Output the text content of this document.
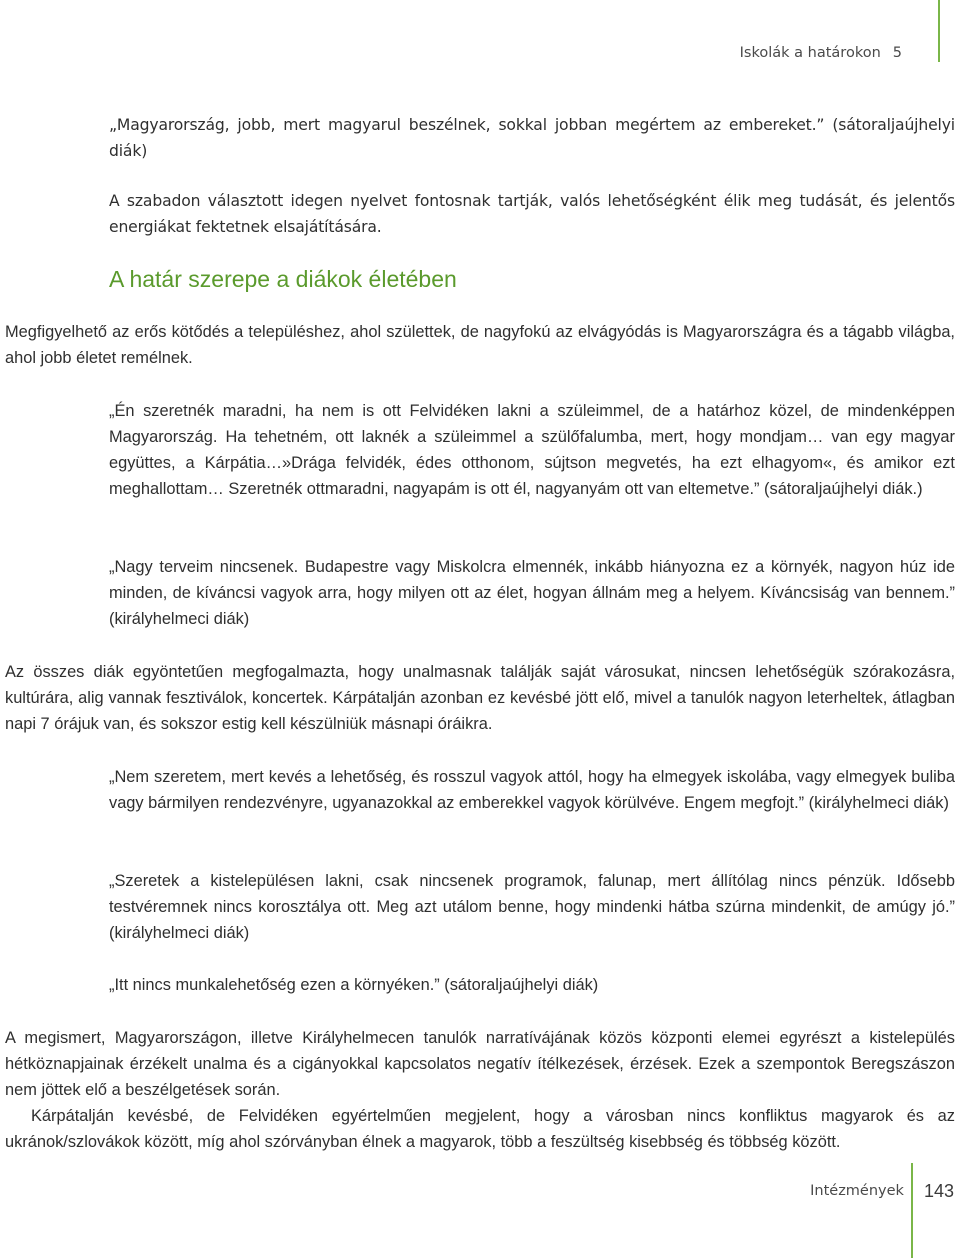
Iskolák a határokon 5

„Magyarország, jobb, mert magyarul beszélnek, sokkal jobban megértem az embereket.” (sátoraljaújhelyi diák)

A szabadon választott idegen nyelvet fontosnak tartják, valós lehetőségként élik meg tudását, és jelentős energiákat fektetnek elsajátítására.

A határ szerepe a diákok életében

Megfigyelhető az erős kötődés a településhez, ahol születtek, de nagyfokú az elvágyódás is Magyarországra és a tágabb világba, ahol jobb életet remélnek.

„Én szeretnék maradni, ha nem is ott Felvidéken lakni a szüleimmel, de a határhoz közel, de mindenképpen Magyarország. Ha tehetném, ott laknék a szüleimmel a szülőfalumba, mert, hogy mondjam… van egy magyar együttes, a Kárpátia…»Drága felvidék, édes otthonom, sújtson megvetés, ha ezt elhagyom«, és amikor ezt meghallottam… Szeretnék ottmaradni, nagyapám is ott él, nagyanyám ott van eltemetve.” (sátoraljaújhelyi diák.)

„Nagy terveim nincsenek. Budapestre vagy Miskolcra elmennék, inkább hiányozna ez a környék, nagyon húz ide minden, de kíváncsi vagyok arra, hogy milyen ott az élet, hogyan állnám meg a helyem. Kíváncsiság van bennem.” (királyhelmeci diák)

Az összes diák egyöntetűen megfogalmazta, hogy unalmasnak találják saját városukat, nincsen lehetőségük szórakozásra, kultúrára, alig vannak fesztiválok, koncertek. Kárpátalján azonban ez kevésbé jött elő, mivel a tanulók nagyon leterheltek, átlagban napi 7 órájuk van, és sokszor estig kell készülniük másnapi óráikra.

„Nem szeretem, mert kevés a lehetőség, és rosszul vagyok attól, hogy ha elmegyek iskolába, vagy elmegyek buliba vagy bármilyen rendezvényre, ugyanazokkal az emberekkel vagyok körülvéve. Engem megfojt.” (királyhelmeci diák)

„Szeretek a kistelepülésen lakni, csak nincsenek programok, falunap, mert állítólag nincs pénzük. Idősebb testvéremnek nincs korosztálya ott. Meg azt utálom benne, hogy mindenki hátba szúrna mindenkit, de amúgy jó.” (királyhelmeci diák)

„Itt nincs munkalehetőség ezen a környéken.” (sátoraljaújhelyi diák)

A megismert, Magyarországon, illetve Királyhelmecen tanulók narratívájának közös központi elemei egyrészt a kistelepülés hétköznapjainak érzékelt unalma és a cigányokkal kapcsolatos negatív ítélkezések, érzések. Ezek a szempontok Beregszászon nem jöttek elő a beszélgetések során.

Kárpátalján kevésbé, de Felvidéken egyértelműen megjelent, hogy a városban nincs konfliktus magyarok és az ukránok/szlovákok között, míg ahol szórványban élnek a magyarok, több a feszültség kisebbség és többség között.

Intézmények 143
